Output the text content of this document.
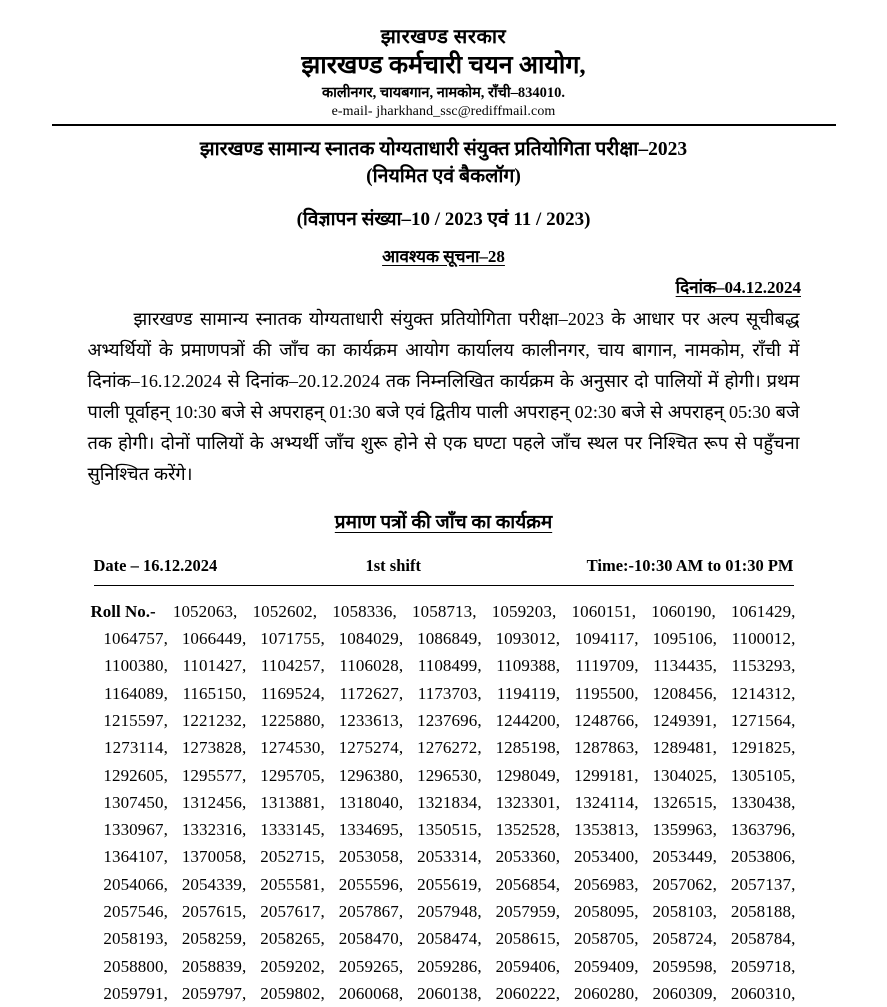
झारखण्ड सरकार
झारखण्ड कर्मचारी चयन आयोग,
कालीनगर, चायबगान, नामकोम, राँची–834010.
e-mail- jharkhand_ssc@rediffmail.com
झारखण्ड सामान्य स्नातक योग्यताधारी संयुक्त प्रतियोगिता परीक्षा–2023
(नियमित एवं बैकलॉग)
(विज्ञापन संख्या–10 / 2023 एवं 11 / 2023)
आवश्यक सूचना–28
दिनांक–04.12.2024
झारखण्ड सामान्य स्नातक योग्यताधारी संयुक्त प्रतियोगिता परीक्षा–2023 के आधार पर अल्प सूचीबद्ध अभ्यर्थियों के प्रमाणपत्रों की जाँच का कार्यक्रम आयोग कार्यालय कालीनगर, चाय बागान, नामकोम, राँची में दिनांक–16.12.2024 से दिनांक–20.12.2024 तक निम्नलिखित कार्यक्रम के अनुसार दो पालियों में होगी। प्रथम पाली पूर्वाहन् 10:30 बजे से अपराहन् 01:30 बजे एवं द्वितीय पाली अपराहन् 02:30 बजे से अपराहन् 05:30 बजे तक होगी। दोनों पालियों के अभ्यर्थी जाँच शुरू होने से एक घण्टा पहले जाँच स्थल पर निश्चित रूप से पहुँचना सुनिश्चित करेंगे।
प्रमाण पत्रों की जाँच का कार्यक्रम
Date – 16.12.2024	1st shift	Time:-10:30 AM to 01:30 PM
Roll No.-	1052063, 1052602, 1058336, 1058713, 1059203, 1060151, 1060190, 1061429,
1064757, 1066449, 1071755, 1084029, 1086849, 1093012, 1094117, 1095106, 1100012,
1100380, 1101427, 1104257, 1106028, 1108499, 1109388, 1119709, 1134435, 1153293,
1164089, 1165150, 1169524, 1172627, 1173703, 1194119, 1195500, 1208456, 1214312,
1215597, 1221232, 1225880, 1233613, 1237696, 1244200, 1248766, 1249391, 1271564,
1273114, 1273828, 1274530, 1275274, 1276272, 1285198, 1287863, 1289481, 1291825,
1292605, 1295577, 1295705, 1296380, 1296530, 1298049, 1299181, 1304025, 1305105,
1307450, 1312456, 1313881, 1318040, 1321834, 1323301, 1324114, 1326515, 1330438,
1330967, 1332316, 1333145, 1334695, 1350515, 1352528, 1353813, 1359963, 1363796,
1364107, 1370058, 2052715, 2053058, 2053314, 2053360, 2053400, 2053449, 2053806,
2054066, 2054339, 2055581, 2055596, 2055619, 2056854, 2056983, 2057062, 2057137,
2057546, 2057615, 2057617, 2057867, 2057948, 2057959, 2058095, 2058103, 2058188,
2058193, 2058259, 2058265, 2058470, 2058474, 2058615, 2058705, 2058724, 2058784,
2058800, 2058839, 2059202, 2059265, 2059286, 2059406, 2059409, 2059598, 2059718,
2059791, 2059797, 2059802, 2060068, 2060138, 2060222, 2060280, 2060309, 2060310,
